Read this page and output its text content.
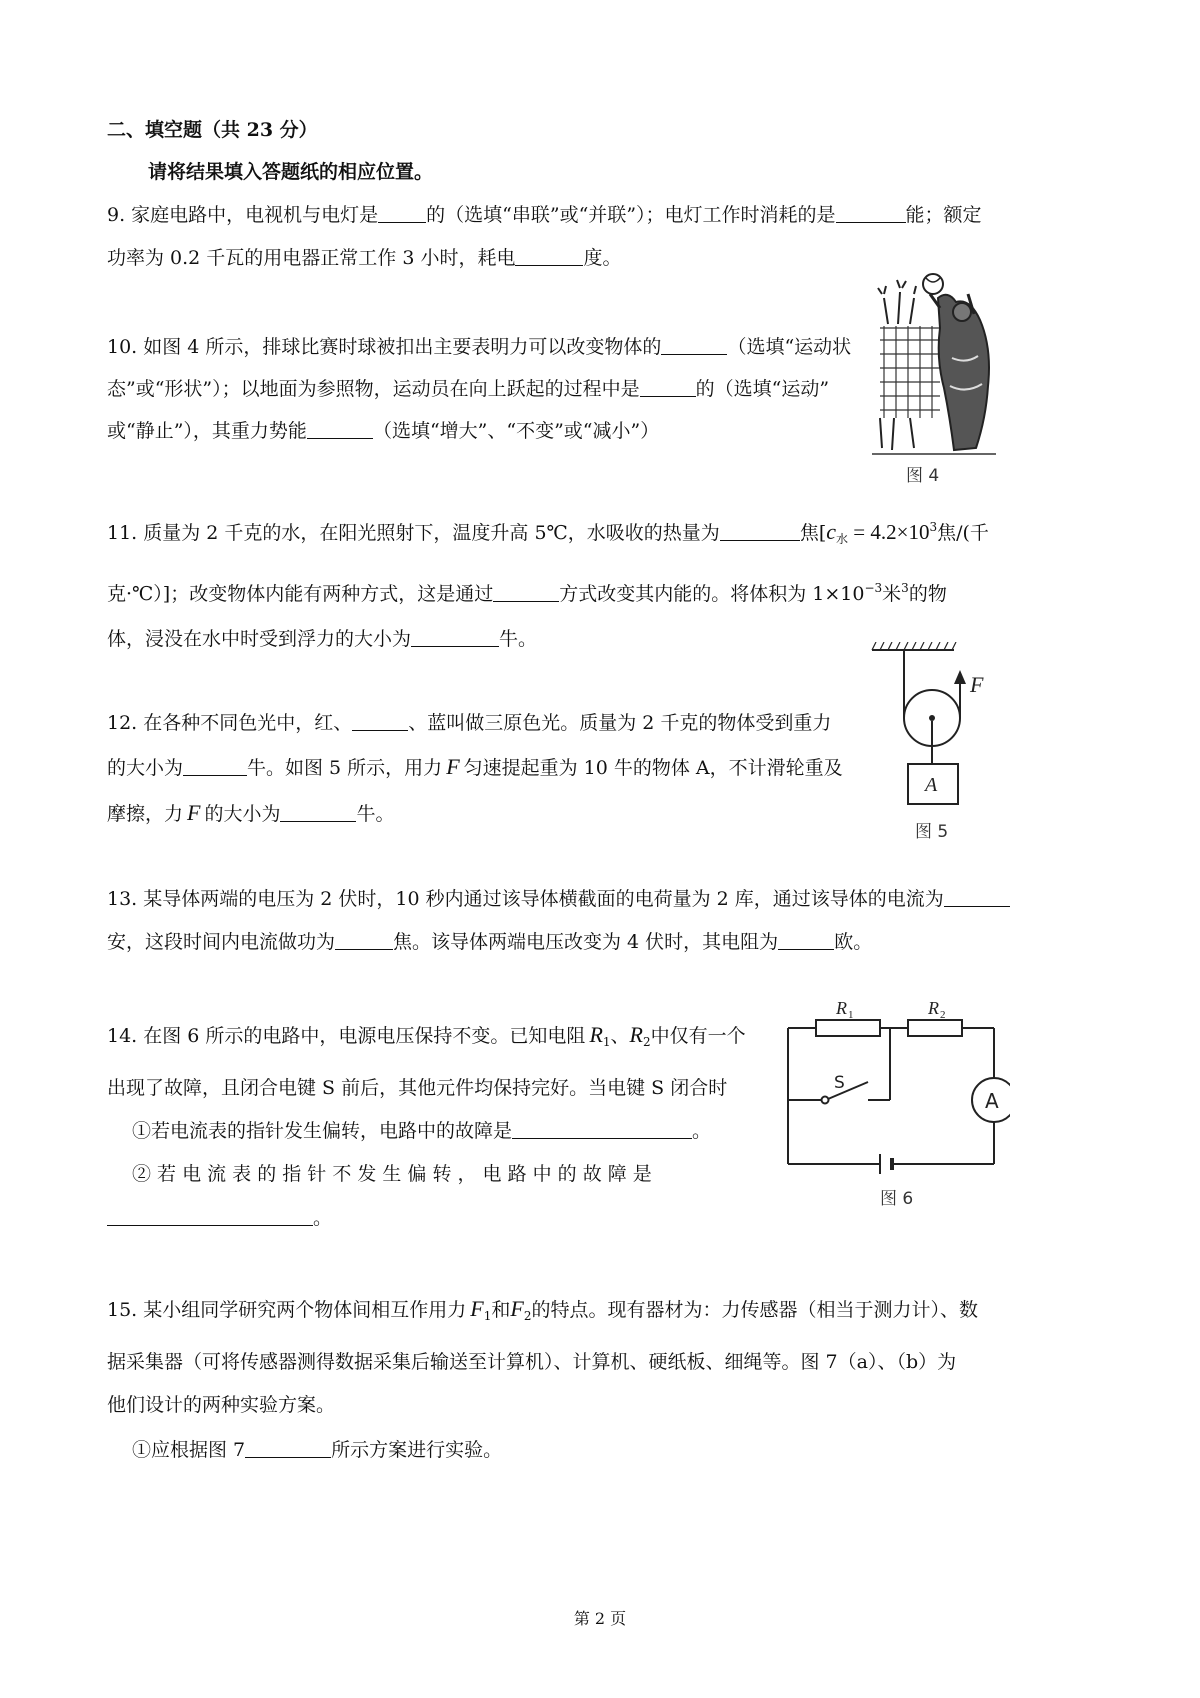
二、填空题（共 23 分）
请将结果填入答题纸的相应位置。
9. 家庭电路中，电视机与电灯是	的（选填“串联”或“并联”）；电灯工作时消耗的是	能；额定
功率为 0.2 千瓦的用电器正常工作 3 小时，耗电	度。
10. 如图 4 所示，排球比赛时球被扣出主要表明力可以改变物体的	（选填“运动状
态”或“形状”）；以地面为参照物，运动员在向上跃起的过程中是	的（选填“运动”
或“静止”），其重力势能	（选填“增大”、“不变”或“减小”）
图 4
11. 质量为 2 千克的水，在阳光照射下，温度升高 5℃，水吸收的热量为	焦[$c_水 = 4.2\times 10^3$焦/(千
克·℃）]；改变物体内能有两种方式，这是通过	方式改变其内能的。将体积为 $1\times 10^{-3}$米$^3$的物
体，浸没在水中时受到浮力的大小为	牛。
12. 在各种不同色光中，红、	、蓝叫做三原色光。质量为 2 千克的物体受到重力
的大小为	牛。如图 5 所示，用力 F 匀速提起重为 10 牛的物体 A，不计滑轮重及
摩擦，力 F 的大小为	牛。
F
A
图 5
13. 某导体两端的电压为 2 伏时，10 秒内通过该导体横截面的电荷量为 2 库，通过该导体的电流为
安，这段时间内电流做功为	焦。该导体两端电压改变为 4 伏时，其电阻为	欧。
14. 在图 6 所示的电路中，电源电压保持不变。已知电阻 $R_1$、$R_2$中仅有一个
出现了故障，且闭合电键 S 前后，其他元件均保持完好。当电键 S 闭合时
①若电流表的指针发生偏转，电路中的故障是	。
② 若 电 流 表 的 指 针 不 发 生 偏 转 ， 电 路 中 的 故 障 是
。
A
R 1	R 2
S
图 6
15. 某小组同学研究两个物体间相互作用力 $F_1$和$F_2$的特点。现有器材为：力传感器（相当于测力计）、数
据采集器（可将传感器测得数据采集后输送至计算机）、计算机、硬纸板、细绳等。图 7（a）、（b）为
他们设计的两种实验方案。
①应根据图 7	所示方案进行实验。
第 2 页
